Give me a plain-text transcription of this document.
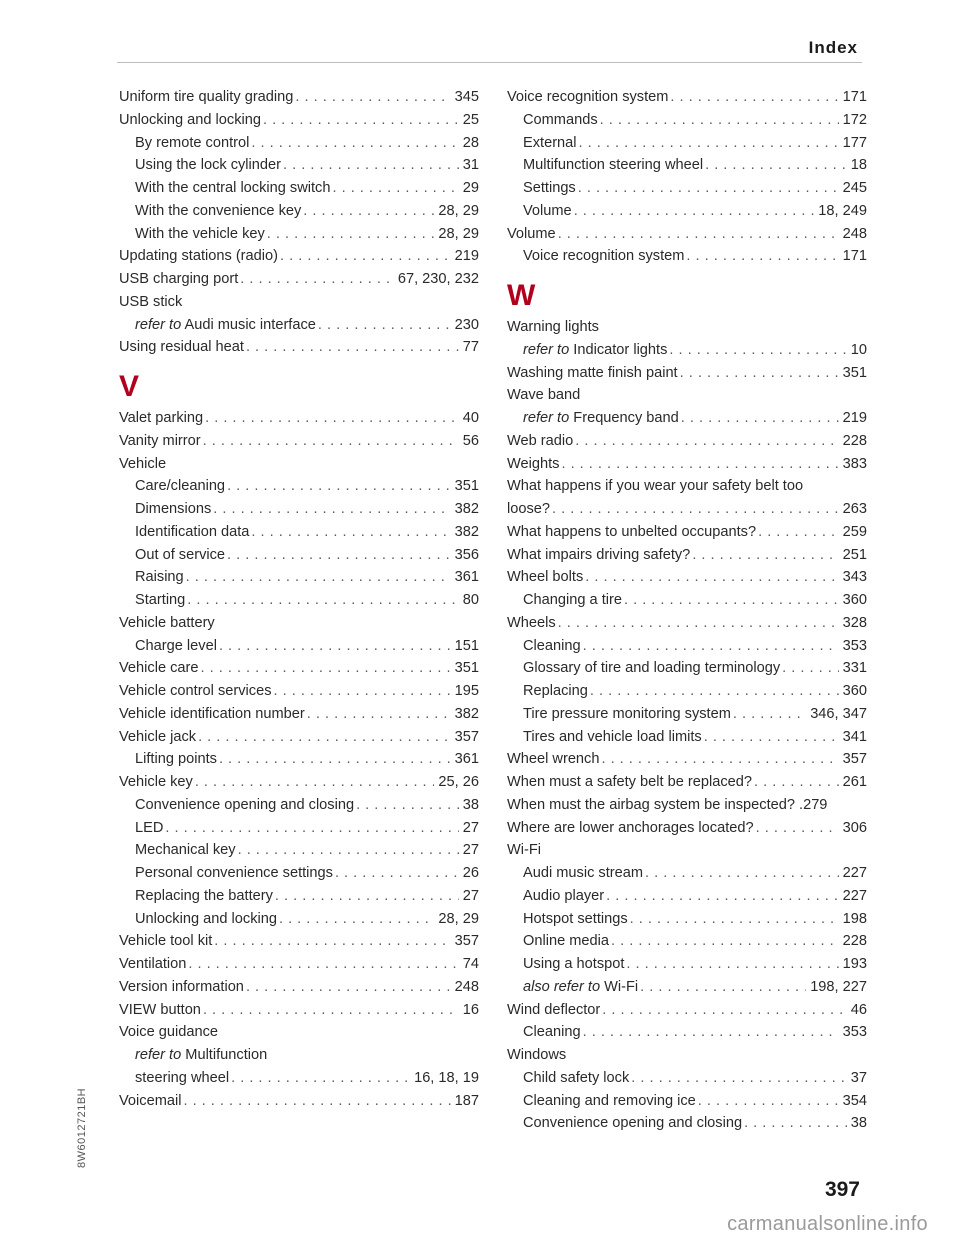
Index
Uniform tire quality grading . . .	345
Unlocking and locking . . .	25
By remote control . . .	28
Using the lock cylinder . . .	31
With the central locking switch . . .	29
With the convenience key . . .	28, 29
With the vehicle key . . .	28, 29
Updating stations (radio) . . .	219
USB charging port . . .	67, 230, 232
USB stick
refer to Audi music interface . . .	230
Using residual heat . . .	77
V
Valet parking . . .	40
Vanity mirror . . .	56
Vehicle
Care/cleaning . . .	351
Dimensions . . .	382
Identification data . . .	382
Out of service . . .	356
Raising . . .	361
Starting . . .	80
Vehicle battery
Charge level . . .	151
Vehicle care . . .	351
Vehicle control services . . .	195
Vehicle identification number . . .	382
Vehicle jack . . .	357
Lifting points . . .	361
Vehicle key . . .	25, 26
Convenience opening and closing . . .	38
LED . . .	27
Mechanical key . . .	27
Personal convenience settings . . .	26
Replacing the battery . . .	27
Unlocking and locking . . .	28, 29
Vehicle tool kit . . .	357
Ventilation . . .	74
Version information . . .	248
VIEW button . . .	16
Voice guidance
refer to Multifunction
steering wheel . . .	16, 18, 19
Voicemail . . .	187
Voice recognition system . . .	171
Commands . . .	172
External . . .	177
Multifunction steering wheel . . .	18
Settings . . .	245
Volume . . .	18, 249
Volume . . .	248
Voice recognition system . . .	171
W
Warning lights
refer to Indicator lights . . .	10
Washing matte finish paint . . .	351
Wave band
refer to Frequency band . . .	219
Web radio . . .	228
Weights . . .	383
What happens if you wear your safety belt too
loose? . . .	263
What happens to unbelted occupants? . . .	259
What impairs driving safety? . . .	251
Wheel bolts . . .	343
Changing a tire . . .	360
Wheels . . .	328
Cleaning . . .	353
Glossary of tire and loading terminology . . .	331
Replacing . . .	360
Tire pressure monitoring system . . .	346, 347
Tires and vehicle load limits . . .	341
Wheel wrench . . .	357
When must a safety belt be replaced? . . .	261
When must the airbag system be inspected? .279
Where are lower anchorages located? . . .	306
Wi-Fi
Audi music stream . . .	227
Audio player . . .	227
Hotspot settings . . .	198
Online media . . .	228
Using a hotspot . . .	193
also refer to Wi-Fi . . .	198, 227
Wind deflector . . .	46
Cleaning . . .	353
Windows
Child safety lock . . .	37
Cleaning and removing ice . . .	354
Convenience opening and closing . . .	38
8W6012721BH
397
carmanualsonline.info
